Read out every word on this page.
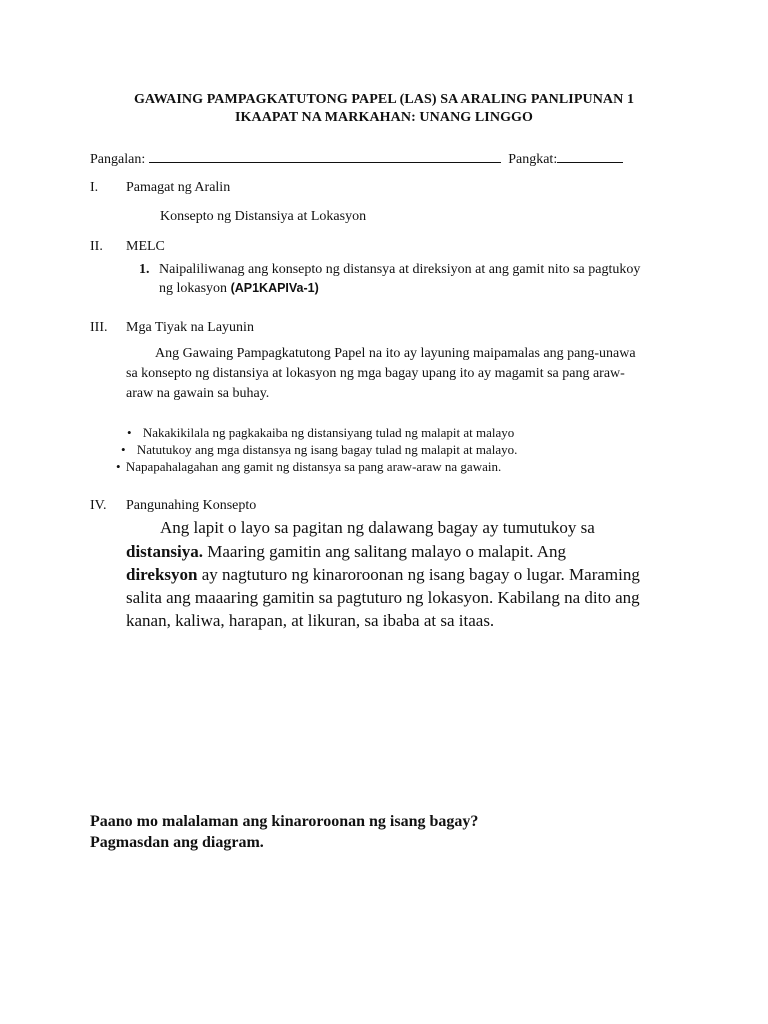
GAWAING PAMPAGKATUTONG PAPEL (LAS) SA ARALING PANLIPUNAN 1
IKAAPAT NA MARKAHAN: UNANG LINGGO
Pangalan:	Pangkat:
I. Pamagat ng Aralin
Konsepto ng Distansiya at Lokasyon
II. MELC
1. Naipaliliwanag ang konsepto ng distansya at direksiyon at ang gamit nito sa pagtukoy
ng lokasyon (AP1KAPIVa-1)
III. Mga Tiyak na Layunin
Ang Gawaing Pampagkatutong Papel na ito ay layuning maipamalas ang pang-unawa
sa konsepto ng distansiya at lokasyon ng mga bagay upang ito ay magamit sa pang araw-
araw na gawain sa buhay.
• Nakakikilala ng pagkakaiba ng distansiyang tulad ng malapit at malayo
• Natutukoy ang mga distansya ng isang bagay tulad ng malapit at malayo.
• Napapahalagahan ang gamit ng distansya sa pang araw-araw na gawain.
IV. Pangunahing Konsepto
Ang lapit o layo sa pagitan ng dalawang bagay ay tumutukoy sa
distansiya. Maaring gamitin ang salitang malayo o malapit. Ang
direksyon ay nagtuturo ng kinaroroonan ng isang bagay o lugar. Maraming
salita ang maaaring gamitin sa pagtuturo ng lokasyon. Kabilang na dito ang
kanan, kaliwa, harapan, at likuran, sa ibaba at sa itaas.
Paano mo malalaman ang kinaroroonan ng isang bagay?
Pagmasdan ang diagram.
